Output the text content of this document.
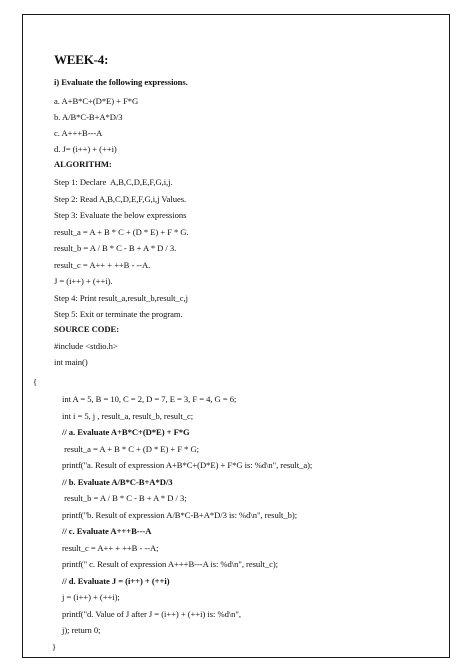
WEEK-4:
i) Evaluate the following expressions.
a. A+B*C+(D*E) + F*G
b. A/B*C-B+A*D/3
c. A+++B---A
d. J= (i++) + (++i)
ALGORITHM:
Step 1: Declare  A,B,C,D,E,F,G,i,j.
Step 2: Read A,B,C,D,E,F,G,i,j Values.
Step 3: Evaluate the below expressions
result_a = A + B * C + (D * E) + F * G.
result_b = A / B * C - B + A * D / 3.
result_c = A++ + ++B - --A.
J = (i++) + (++i).
Step 4: Print result_a,result_b,result_c,j
Step 5: Exit or terminate the program.
SOURCE CODE:
#include <stdio.h>
int main()
{
int A = 5, B = 10, C = 2, D = 7, E = 3, F = 4, G = 6;
int i = 5, j , result_a, result_b, result_c;
// a. Evaluate A+B*C+(D*E) + F*G
result_a = A + B * C + (D * E) + F * G;
printf("a. Result of expression A+B*C+(D*E) + F*G is: %d\n", result_a);
// b. Evaluate A/B*C-B+A*D/3
result_b = A / B * C - B + A * D / 3;
printf("b. Result of expression A/B*C-B+A*D/3 is: %d\n", result_b);
// c. Evaluate A+++B---A
result_c = A++ + ++B - --A;
printf(" c. Result of expression A+++B---A is: %d\n", result_c);
// d. Evaluate J = (i++) + (++i)
j = (i++) + (++i);
printf("d. Value of J after J = (i++) + (++i) is: %d\n",
j); return 0;
}
